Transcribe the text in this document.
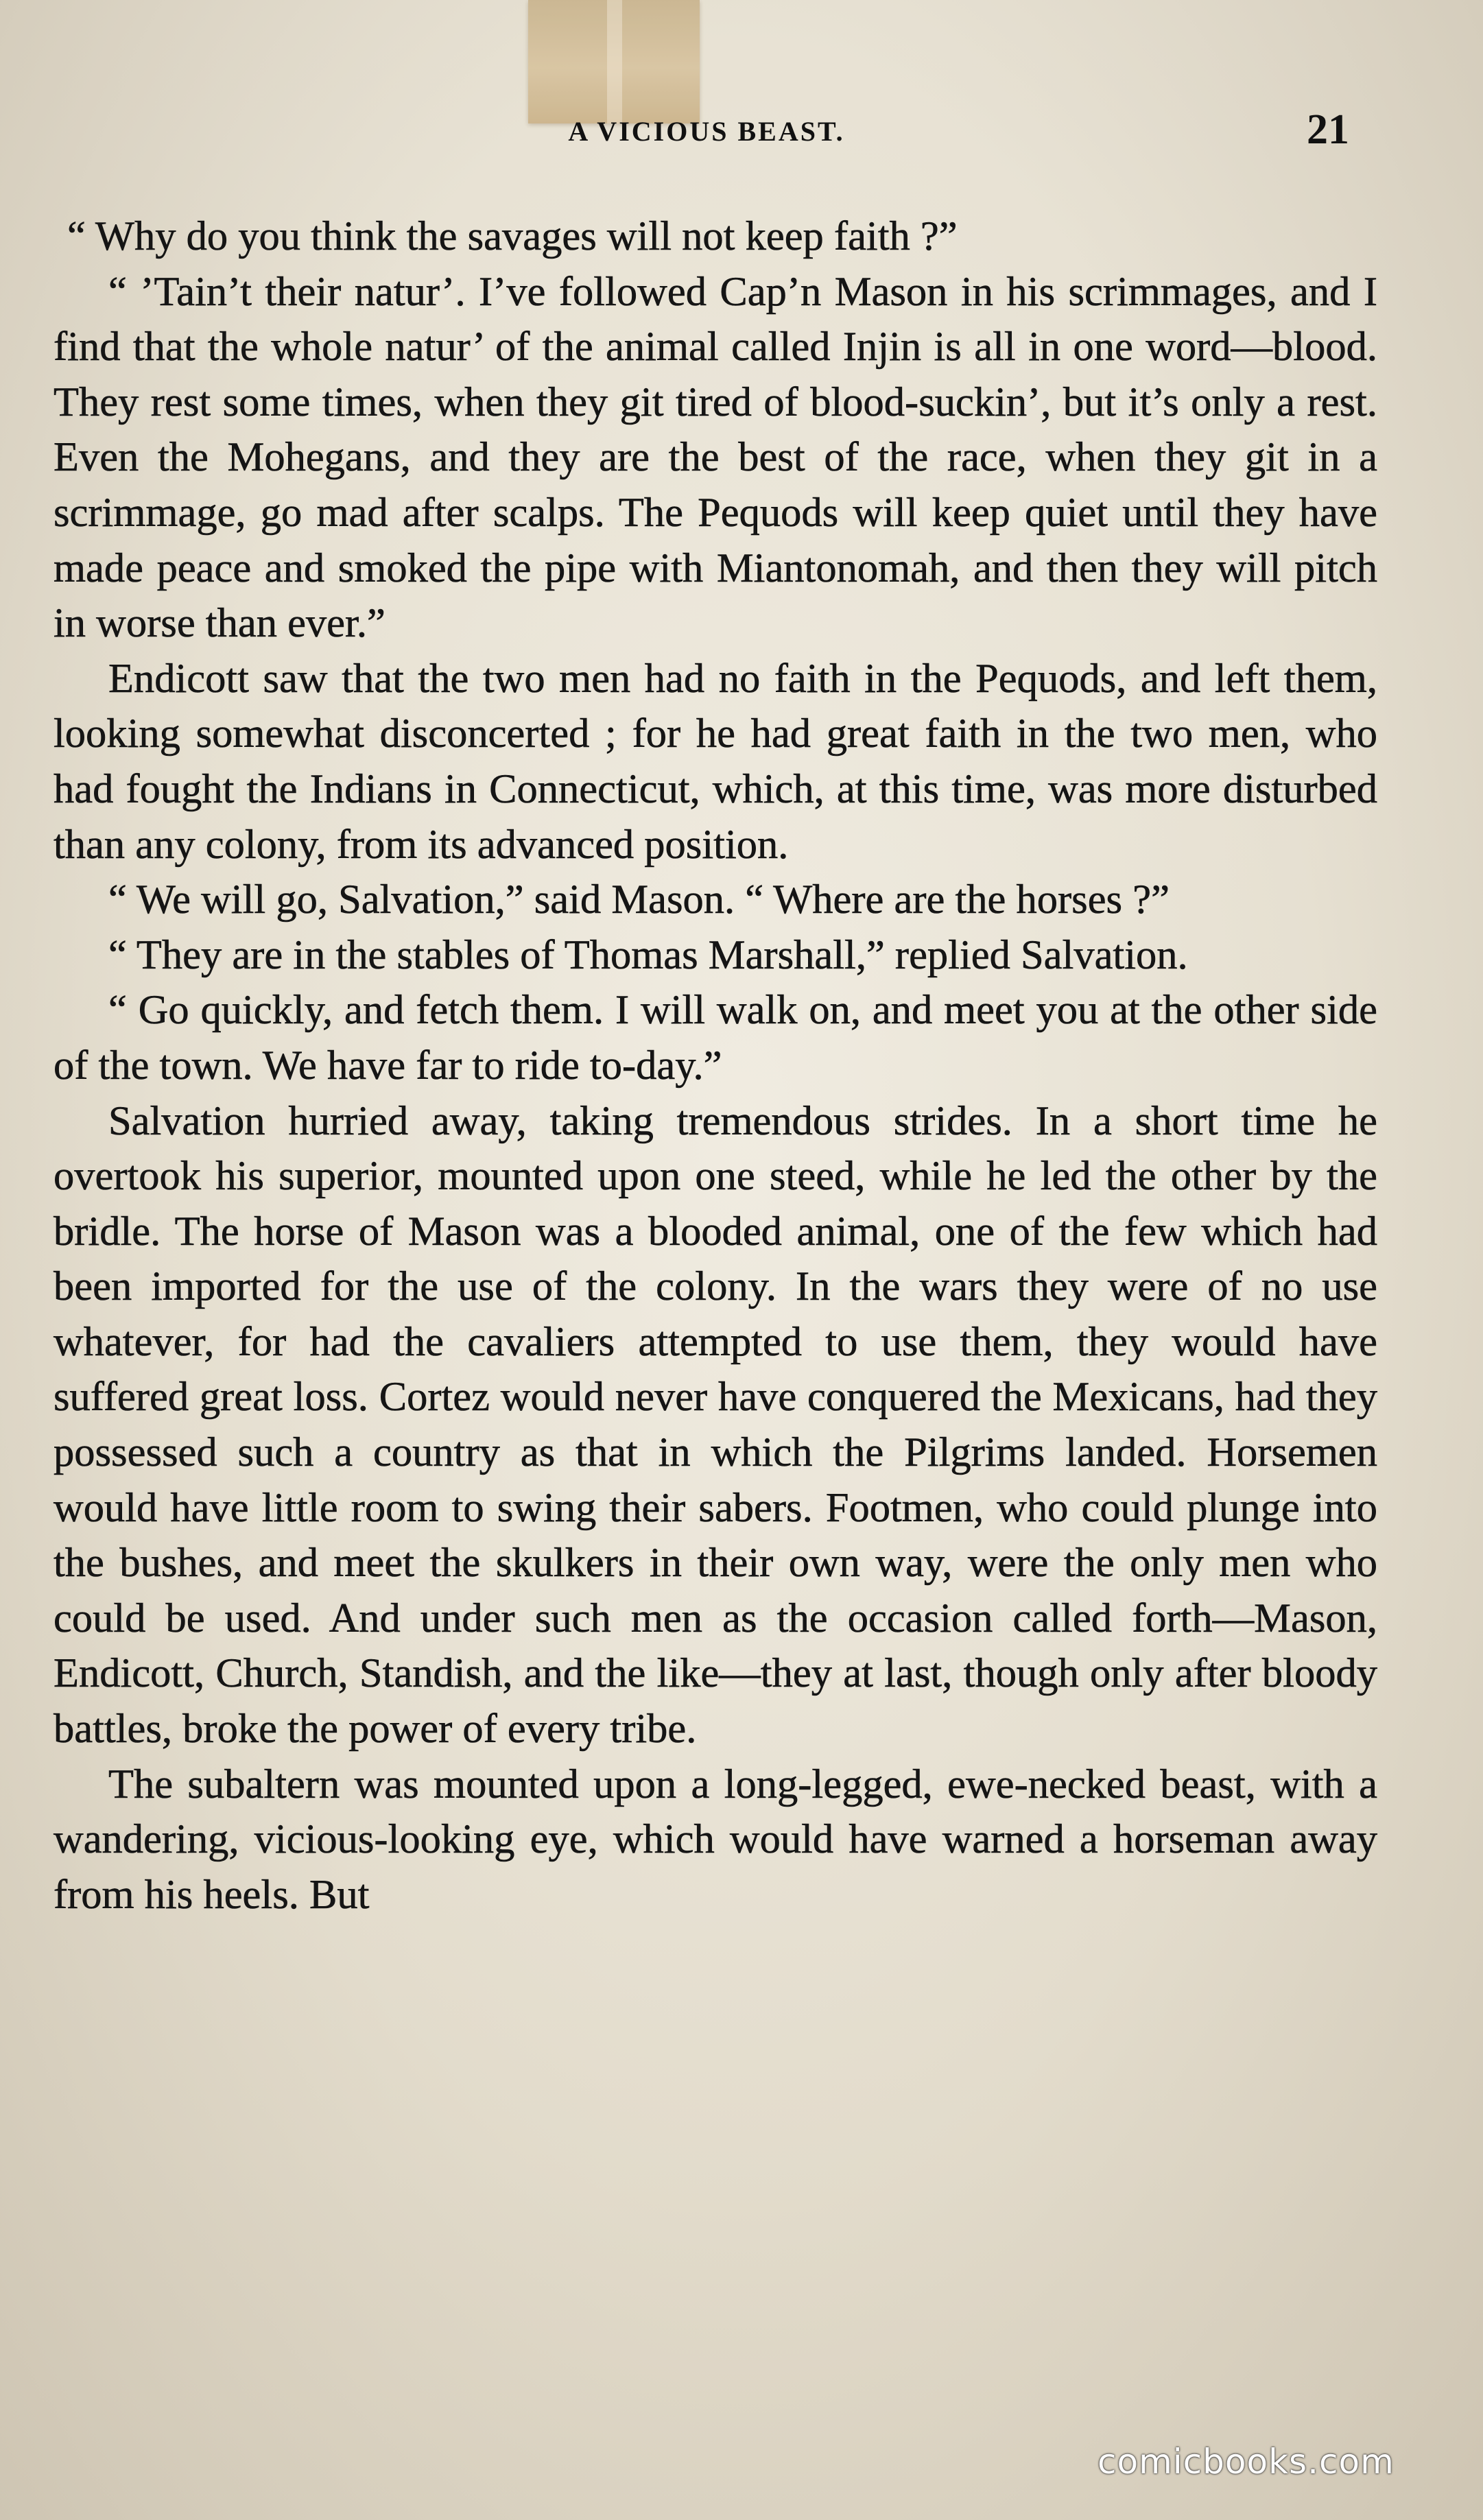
A VICIOUS BEAST.	21

“ Why do you think the savages will not keep faith ?”

“ ’Tain’t their natur’. I’ve followed Cap’n Mason in his scrimmages, and I find that the whole natur’ of the animal called Injin is all in one word—blood. They rest some times, when they git tired of blood-suckin’, but it’s only a rest. Even the Mohegans, and they are the best of the race, when they git in a scrimmage, go mad after scalps. The Pequods will keep quiet until they have made peace and smoked the pipe with Miantonomah, and then they will pitch in worse than ever.”

Endicott saw that the two men had no faith in the Pequods, and left them, looking somewhat disconcerted ; for he had great faith in the two men, who had fought the Indians in Connecticut, which, at this time, was more disturbed than any colony, from its advanced position.

“ We will go, Salvation,” said Mason. “ Where are the horses ?”

“ They are in the stables of Thomas Marshall,” replied Salvation.

“ Go quickly, and fetch them. I will walk on, and meet you at the other side of the town. We have far to ride to-day.”

Salvation hurried away, taking tremendous strides. In a short time he overtook his superior, mounted upon one steed, while he led the other by the bridle. The horse of Mason was a blooded animal, one of the few which had been imported for the use of the colony. In the wars they were of no use whatever, for had the cavaliers attempted to use them, they would have suffered great loss. Cortez would never have conquered the Mexicans, had they possessed such a country as that in which the Pilgrims landed. Horsemen would have little room to swing their sabers. Footmen, who could plunge into the bushes, and meet the skulkers in their own way, were the only men who could be used. And under such men as the occasion called forth—Mason, Endicott, Church, Standish, and the like—they at last, though only after bloody battles, broke the power of every tribe.

The subaltern was mounted upon a long-legged, ewe-necked beast, with a wandering, vicious-looking eye, which would have warned a horseman away from his heels. But

comicbooks.com
